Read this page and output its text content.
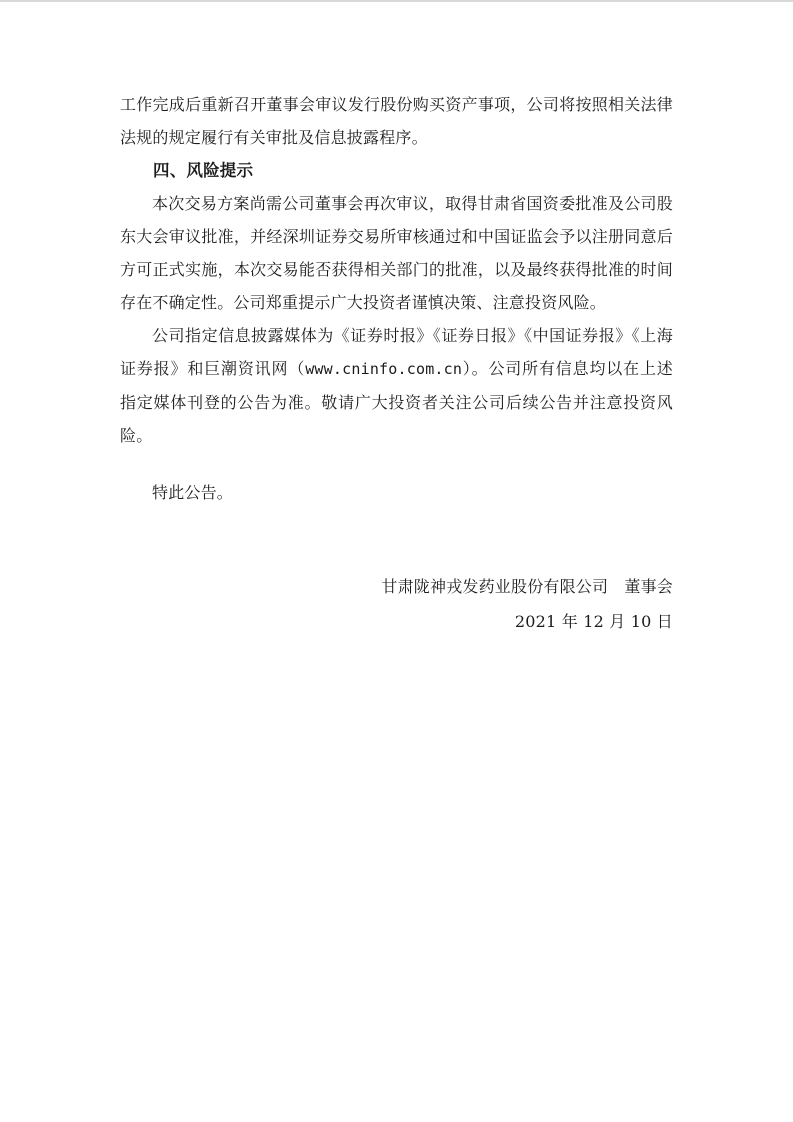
工作完成后重新召开董事会审议发行股份购买资产事项，公司将按照相关法律法规的规定履行有关审批及信息披露程序。

四、风险提示

本次交易方案尚需公司董事会再次审议，取得甘肃省国资委批准及公司股东大会审议批准，并经深圳证券交易所审核通过和中国证监会予以注册同意后方可正式实施，本次交易能否获得相关部门的批准，以及最终获得批准的时间存在不确定性。公司郑重提示广大投资者谨慎决策、注意投资风险。

公司指定信息披露媒体为《证券时报》《证券日报》《中国证券报》《上海证券报》和巨潮资讯网（www.cninfo.com.cn）。公司所有信息均以在上述指定媒体刊登的公告为准。敬请广大投资者关注公司后续公告并注意投资风险。

特此公告。

甘肃陇神戎发药业股份有限公司　董事会

2021 年 12 月 10 日
